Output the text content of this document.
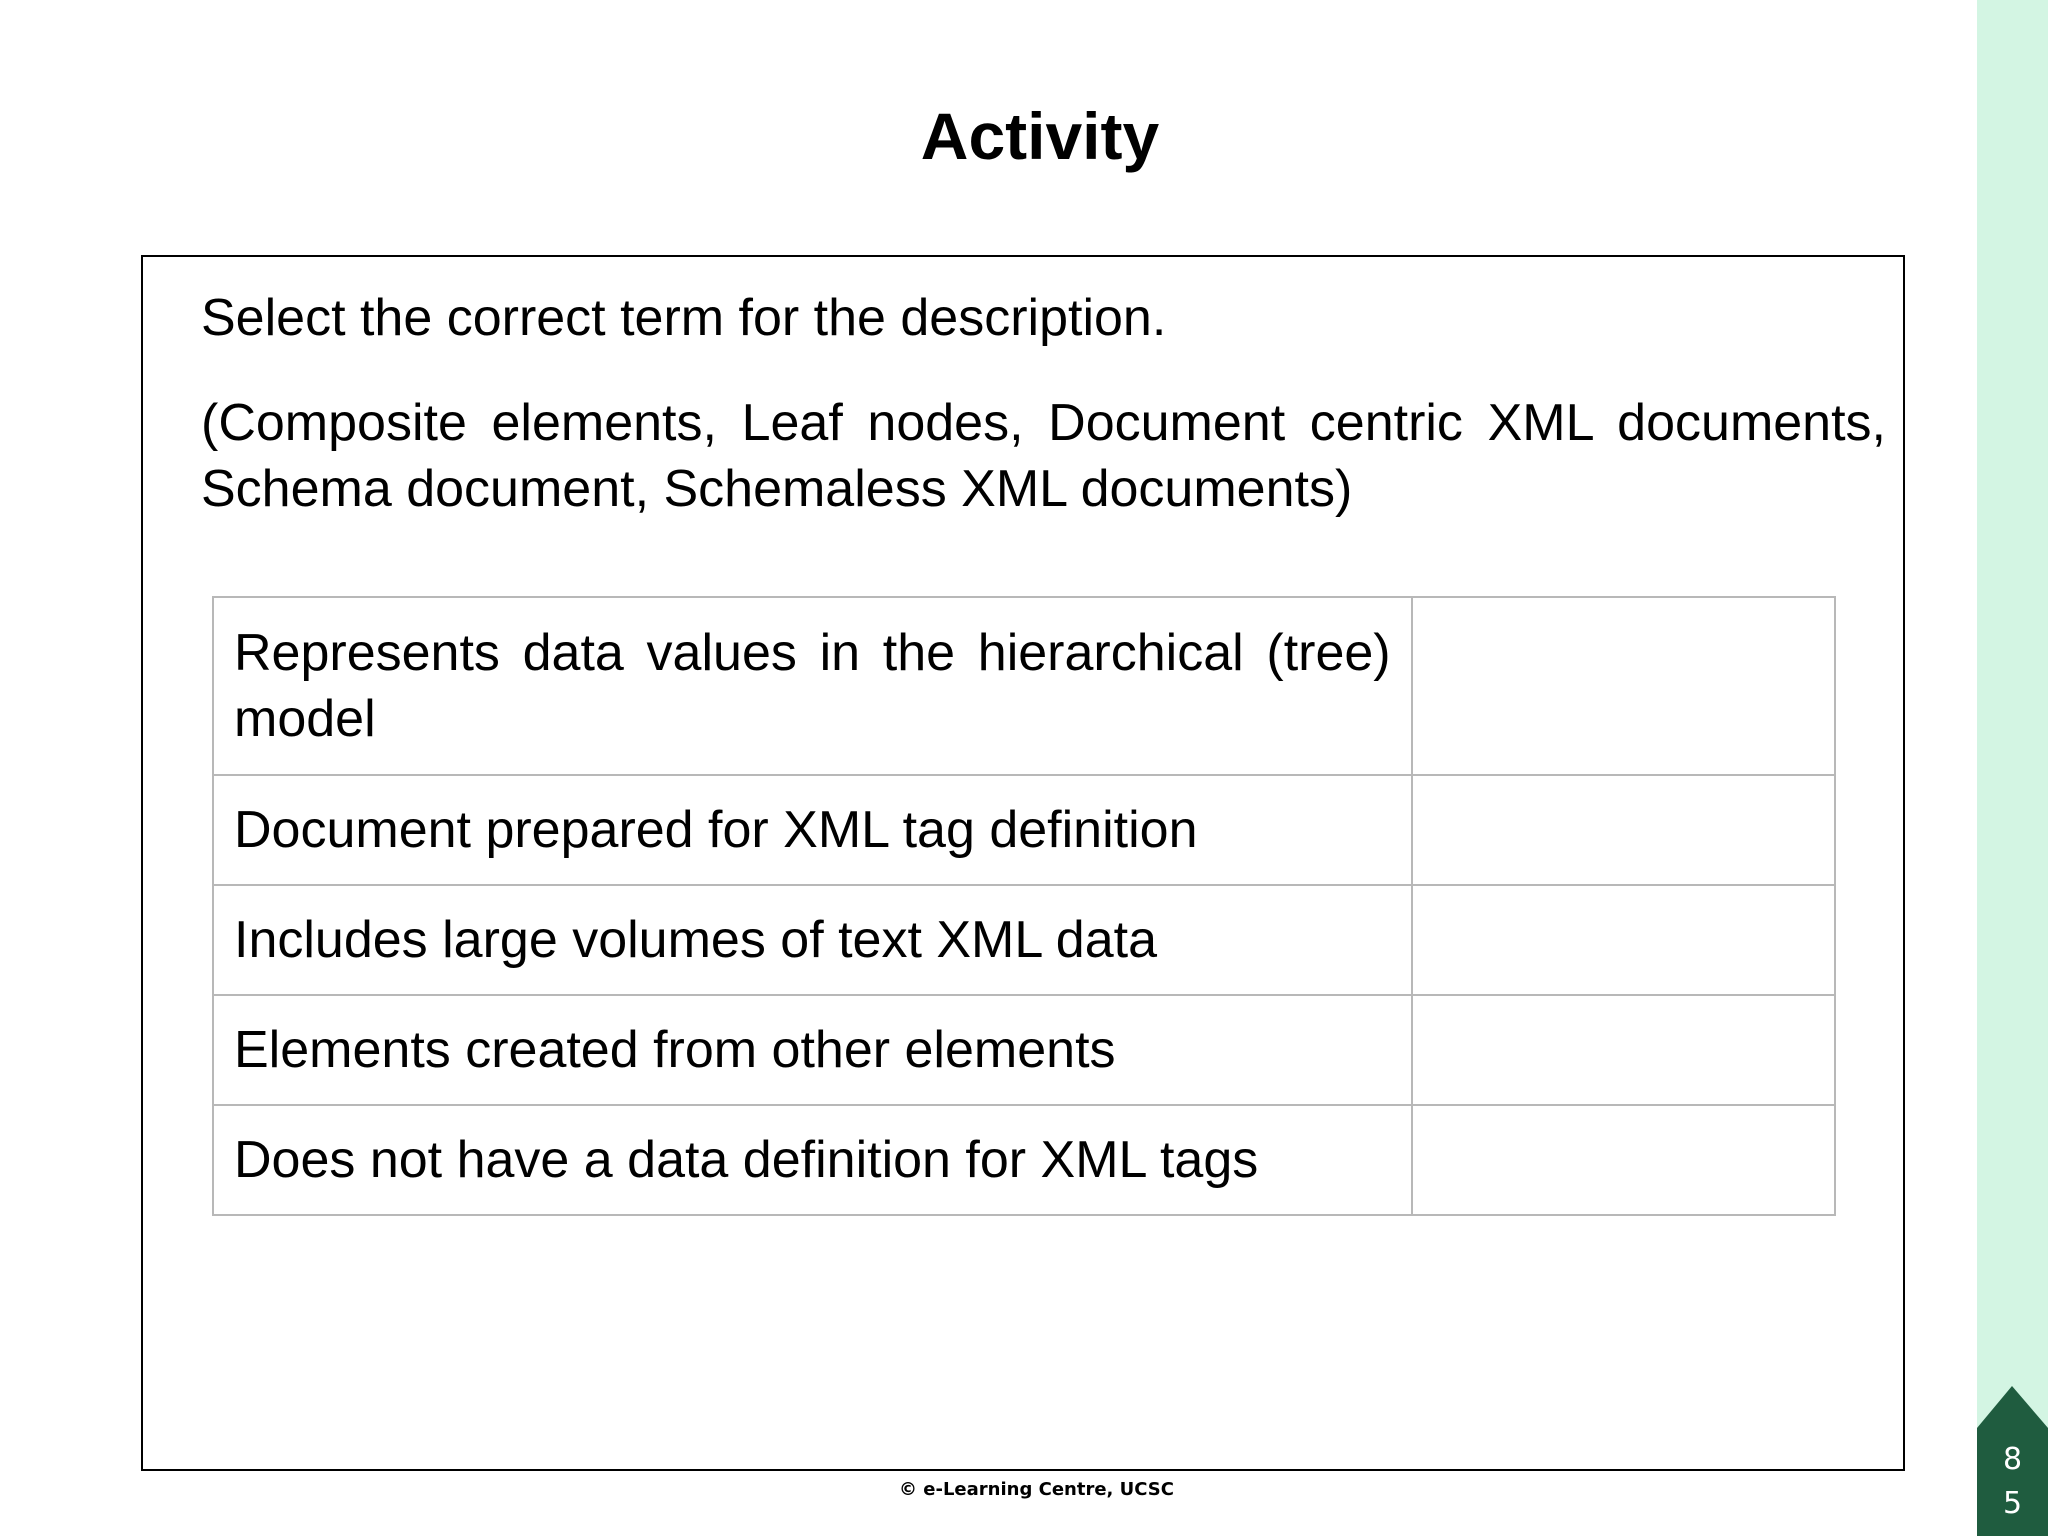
8
5
Activity
Select the correct term for the description.
(Composite elements, Leaf nodes, Document centric XML documents, Schema document, Schemaless XML documents)
Represents data values in the hierarchical (tree) model	
Document prepared for XML tag definition	
Includes large volumes of text XML data	
Elements created from other elements	
Does not have a data definition for XML tags	
© e-Learning Centre, UCSC
